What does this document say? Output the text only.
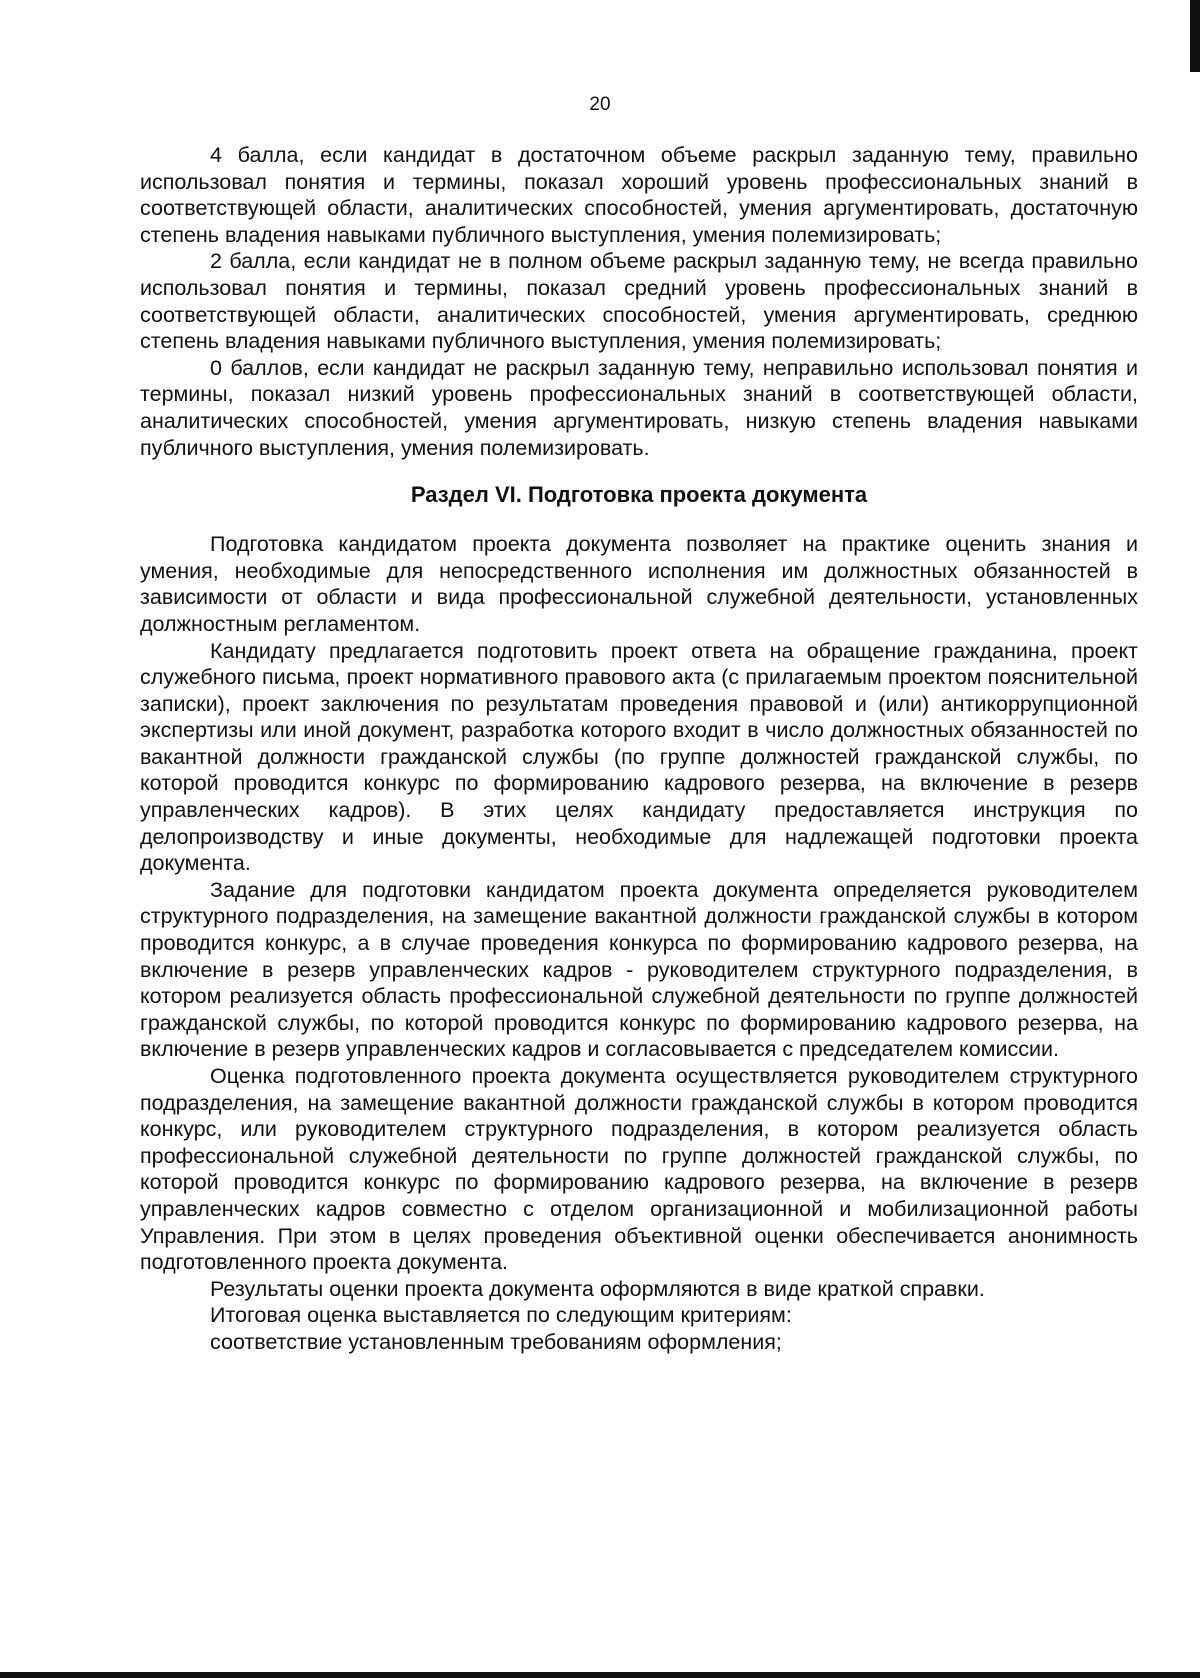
20

4 балла, если кандидат в достаточном объеме раскрыл заданную тему, правильно использовал понятия и термины, показал хороший уровень профессиональных знаний в соответствующей области, аналитических способностей, умения аргументировать, достаточную степень владения навыками публичного выступления, умения полемизировать;

2 балла, если кандидат не в полном объеме раскрыл заданную тему, не всегда правильно использовал понятия и термины, показал средний уровень профессиональных знаний в соответствующей области, аналитических способностей, умения аргументировать, среднюю степень владения навыками публичного выступления, умения полемизировать;

0 баллов, если кандидат не раскрыл заданную тему, неправильно использовал понятия и термины, показал низкий уровень профессиональных знаний в соответствующей области, аналитических способностей, умения аргументировать, низкую степень владения навыками публичного выступления, умения полемизировать.

Раздел VI. Подготовка проекта документа

Подготовка кандидатом проекта документа позволяет на практике оценить знания и умения, необходимые для непосредственного исполнения им должностных обязанностей в зависимости от области и вида профессиональной служебной деятельности, установленных должностным регламентом.

Кандидату предлагается подготовить проект ответа на обращение гражданина, проект служебного письма, проект нормативного правового акта (с прилагаемым проектом пояснительной записки), проект заключения по результатам проведения правовой и (или) антикоррупционной экспертизы или иной документ, разработка которого входит в число должностных обязанностей по вакантной должности гражданской службы (по группе должностей гражданской службы, по которой проводится конкурс по формированию кадрового резерва, на включение в резерв управленческих кадров). В этих целях кандидату предоставляется инструкция по делопроизводству и иные документы, необходимые для надлежащей подготовки проекта документа.

Задание для подготовки кандидатом проекта документа определяется руководителем структурного подразделения, на замещение вакантной должности гражданской службы в котором проводится конкурс, а в случае проведения конкурса по формированию кадрового резерва, на включение в резерв управленческих кадров - руководителем структурного подразделения, в котором реализуется область профессиональной служебной деятельности по группе должностей гражданской службы, по которой проводится конкурс по формированию кадрового резерва, на включение в резерв управленческих кадров и согласовывается с председателем комиссии.

Оценка подготовленного проекта документа осуществляется руководителем структурного подразделения, на замещение вакантной должности гражданской службы в котором проводится конкурс, или руководителем структурного подразделения, в котором реализуется область профессиональной служебной деятельности по группе должностей гражданской службы, по которой проводится конкурс по формированию кадрового резерва, на включение в резерв управленческих кадров совместно с отделом организационной и мобилизационной работы Управления. При этом в целях проведения объективной оценки обеспечивается анонимность подготовленного проекта документа.

Результаты оценки проекта документа оформляются в виде краткой справки.

Итоговая оценка выставляется по следующим критериям:

соответствие установленным требованиям оформления;
